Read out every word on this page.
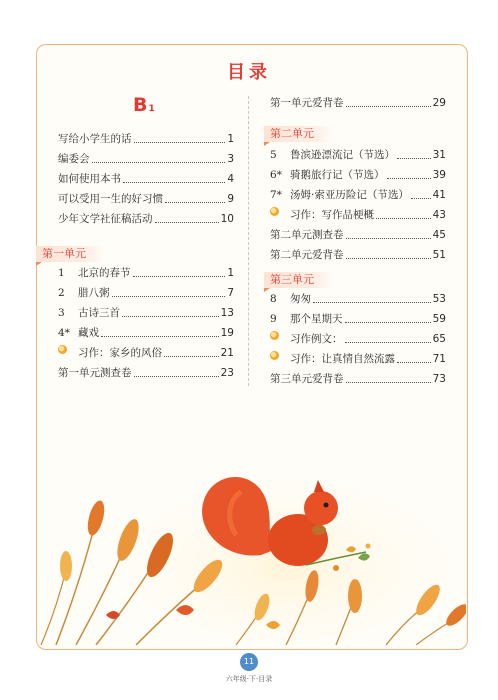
目录
B1
写给小学生的话	1
编委会	3
如何使用本书	4
可以受用一生的好习惯	9
少年文学社征稿活动	10
第一单元
1	北京的春节	1
2	腊八粥	7
3	古诗三首	13
4* 藏戏	19
习作：家乡的风俗	21
第一单元测查卷	23
第一单元爱背卷	29
第二单元
5	鲁滨逊漂流记（节选）	31
6* 骑鹅旅行记（节选）	39
7* 汤姆·索亚历险记（节选） 41
习作：写作品梗概	43
第二单元测查卷	45
第二单元爱背卷	51
第三单元
8	匆匆	53
9	那个星期天	59
习作例文：	65
习作：让真情自然流露	71
第三单元爱背卷	73
11
六年级·下·目录
